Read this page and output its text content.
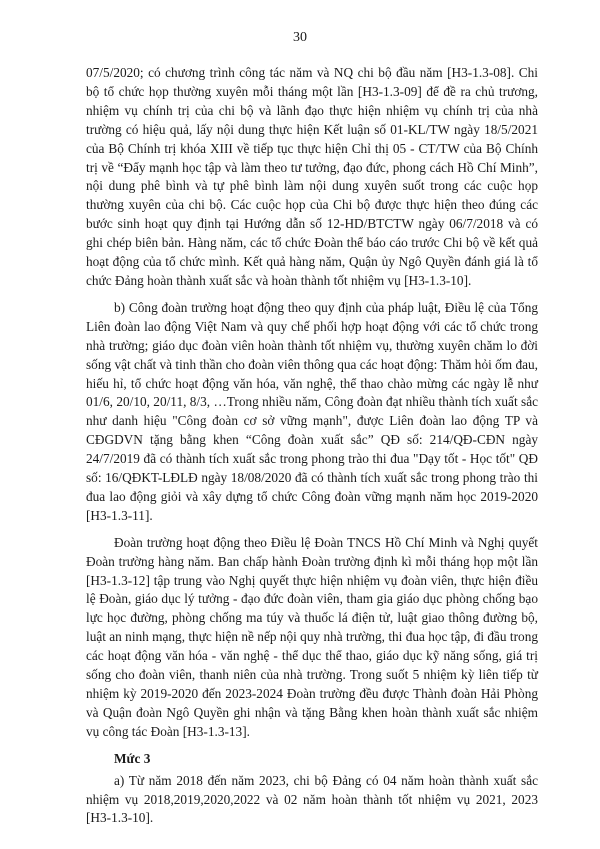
30

07/5/2020; có chương trình công tác năm và NQ chi bộ đầu năm [H3-1.3-08]. Chi bộ tổ chức họp thường xuyên mỗi tháng một lần [H3-1.3-09] để đề ra chủ trương, nhiệm vụ chính trị của chi bộ và lãnh đạo thực hiện nhiệm vụ chính trị của nhà trường có hiệu quả, lấy nội dung thực hiện Kết luận số 01-KL/TW ngày 18/5/2021 của Bộ Chính trị khóa XIII về tiếp tục thực hiện Chỉ thị 05 - CT/TW của Bộ Chính trị về “Đẩy mạnh học tập và làm theo tư tưởng, đạo đức, phong cách Hồ Chí Minh”, nội dung phê bình và tự phê bình làm nội dung xuyên suốt trong các cuộc họp thường xuyên của chi bộ. Các cuộc họp của Chi bộ được thực hiện theo đúng các bước sinh hoạt quy định tại Hướng dẫn số 12-HD/BTCTW ngày 06/7/2018 và có ghi chép biên bản. Hàng năm, các tổ chức Đoàn thể báo cáo trước Chi bộ về kết quả hoạt động của tổ chức mình. Kết quả hàng năm, Quận ủy Ngô Quyền đánh giá là tổ chức Đảng hoàn thành xuất sắc và hoàn thành tốt nhiệm vụ [H3-1.3-10].

b) Công đoàn trường hoạt động theo quy định của pháp luật, Điều lệ của Tổng Liên đoàn lao động Việt Nam và quy chế phối hợp hoạt động với các tổ chức trong nhà trường; giáo dục đoàn viên hoàn thành tốt nhiệm vụ, thường xuyên chăm lo đời sống vật chất và tinh thần cho đoàn viên thông qua các hoạt động: Thăm hỏi ốm đau, hiếu hỉ, tổ chức hoạt động văn hóa, văn nghệ, thể thao chào mừng các ngày lễ như 01/6, 20/10, 20/11, 8/3, …Trong nhiều năm, Công đoàn đạt nhiều thành tích xuất sắc như danh hiệu "Công đoàn cơ sở vững mạnh", được Liên đoàn lao động TP và CĐGDVN tặng bằng khen “Công đoàn xuất sắc” QĐ số: 214/QĐ-CĐN ngày 24/7/2019 đã có thành tích xuất sắc trong phong trào thi đua "Dạy tốt - Học tốt" QĐ số: 16/QĐKT-LĐLĐ ngày 18/08/2020 đã có thành tích xuất sắc trong phong trào thi đua lao động giỏi và xây dựng tổ chức Công đoàn vững mạnh năm học 2019-2020 [H3-1.3-11].

Đoàn trường hoạt động theo Điều lệ Đoàn TNCS Hồ Chí Minh và Nghị quyết Đoàn trường hàng năm. Ban chấp hành Đoàn trường định kì mỗi tháng họp một lần [H3-1.3-12] tập trung vào Nghị quyết thực hiện nhiệm vụ đoàn viên, thực hiện điều lệ Đoàn, giáo dục lý tưởng - đạo đức đoàn viên, tham gia giáo dục phòng chống bạo lực học đường, phòng chống ma túy và thuốc lá điện tử, luật giao thông đường bộ, luật an ninh mạng, thực hiện nề nếp nội quy nhà trường, thi đua học tập, đi đầu trong các hoạt động văn hóa - văn nghệ - thể dục thể thao, giáo dục kỹ năng sống, giá trị sống cho đoàn viên, thanh niên của nhà trường. Trong suốt 5 nhiệm kỳ liên tiếp từ nhiệm kỳ 2019-2020 đến 2023-2024 Đoàn trường đều được Thành đoàn Hải Phòng và Quận đoàn Ngô Quyền ghi nhận và tặng Bằng khen hoàn thành xuất sắc nhiệm vụ công tác Đoàn [H3-1.3-13].

Mức 3

a) Từ năm 2018 đến năm 2023, chi bộ Đảng có 04 năm hoàn thành xuất sắc nhiệm vụ 2018,2019,2020,2022 và 02 năm hoàn thành tốt nhiệm vụ 2021, 2023 [H3-1.3-10].
